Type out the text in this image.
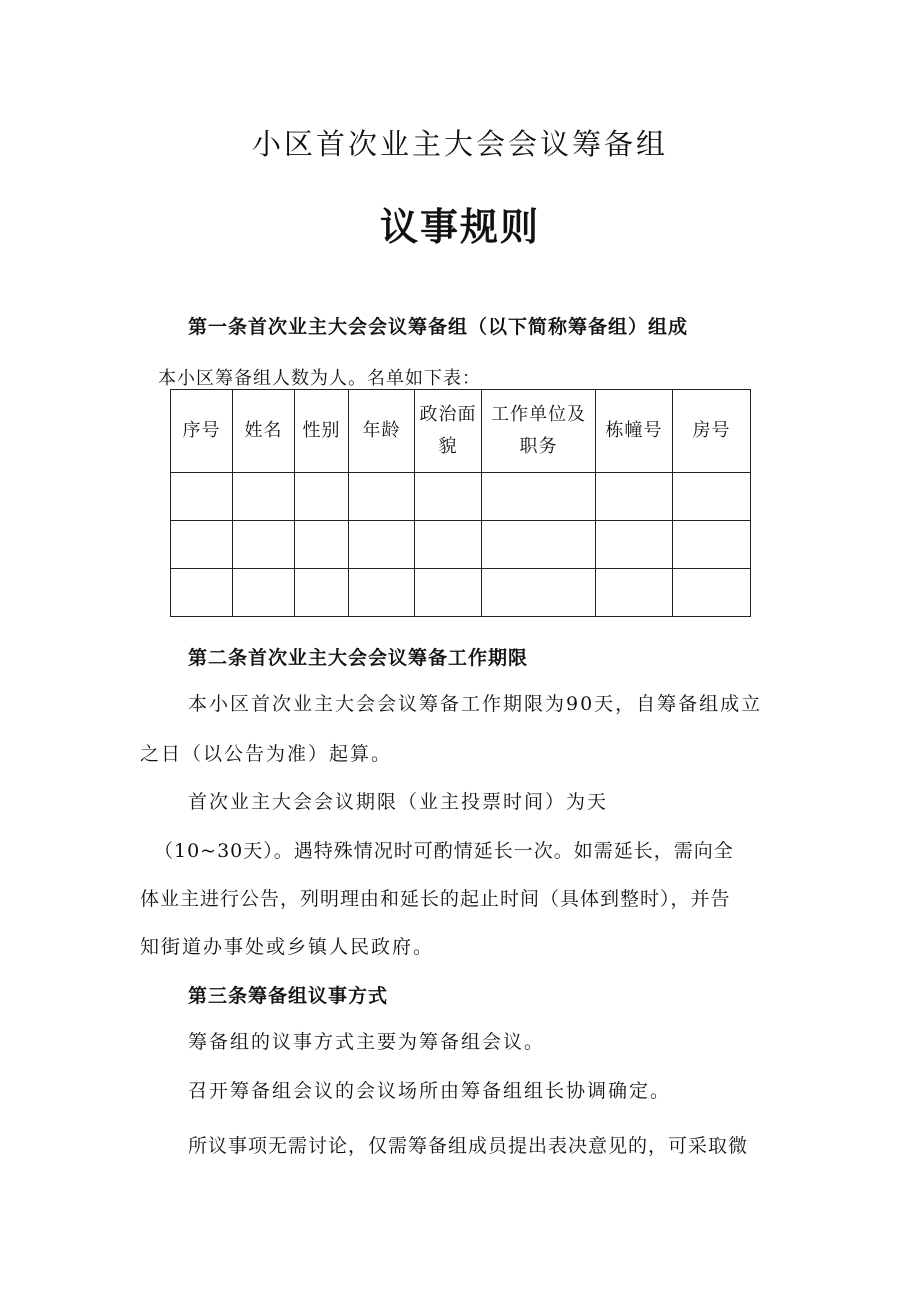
小区首次业主大会会议筹备组
议事规则
第一条首次业主大会会议筹备组（以下简称筹备组）组成
本小区筹备组人数为人。名单如下表：
序号	姓名	性别	年龄	政治面貌	工作单位及职务	栋幢号	房号

第二条首次业主大会会议筹备工作期限
本小区首次业主大会会议筹备工作期限为90天，自筹备组成立
之日（以公告为准）起算。
首次业主大会会议期限（业主投票时间）为天
（10~30天）。遇特殊情况时可酌情延长一次。如需延长，需向全
体业主进行公告，列明理由和延长的起止时间（具体到整时），并告
知街道办事处或乡镇人民政府。
第三条筹备组议事方式
筹备组的议事方式主要为筹备组会议。
召开筹备组会议的会议场所由筹备组组长协调确定。
所议事项无需讨论，仅需筹备组成员提出表决意见的，可采取微
